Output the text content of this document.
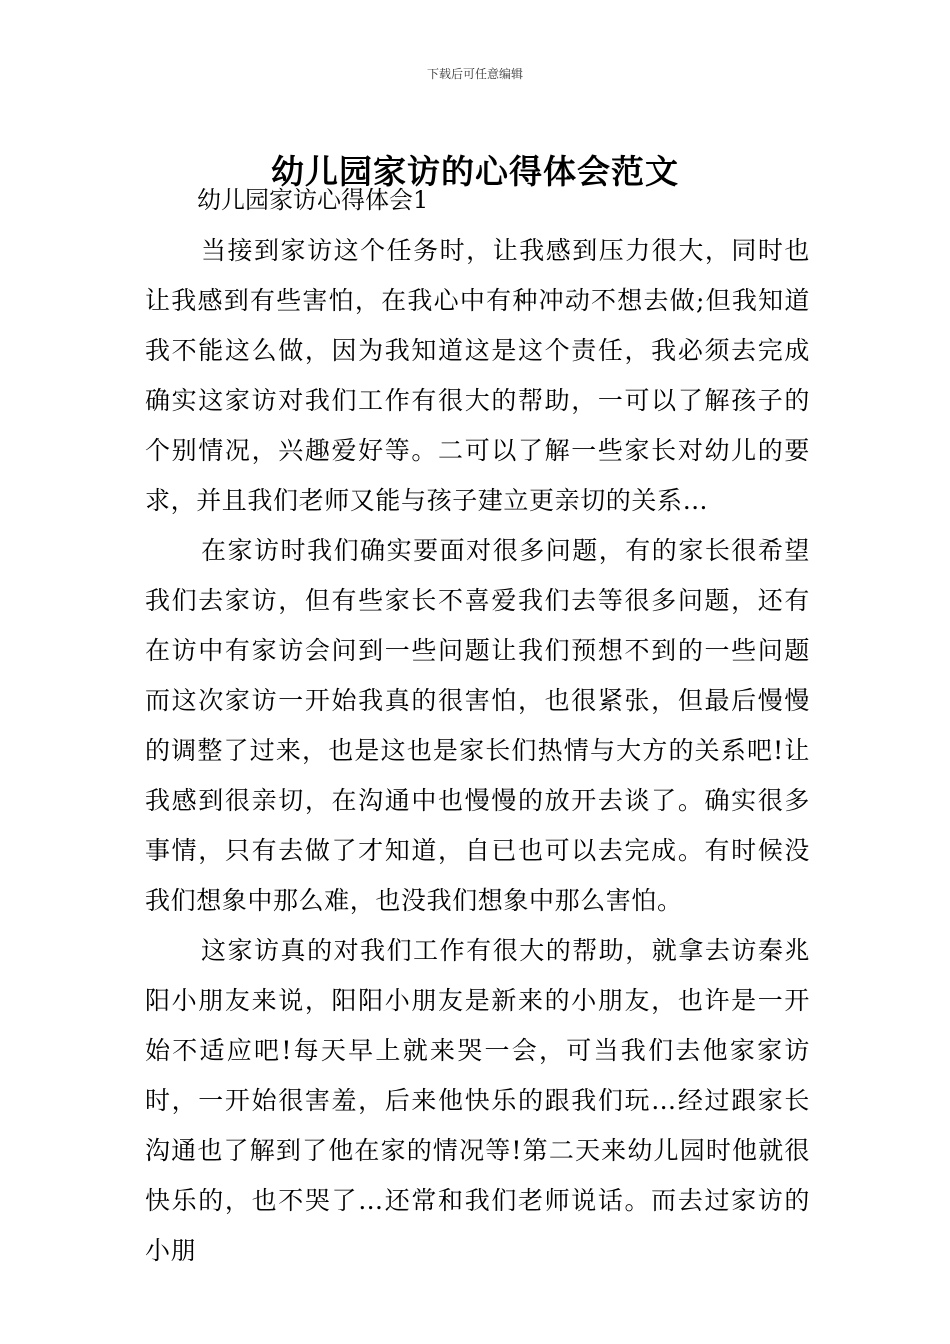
下载后可任意编辑
幼儿园家访的心得体会范文
幼儿园家访心得体会1

当接到家访这个任务时，让我感到压力很大，同时也让我感到有些害怕，在我心中有种冲动不想去做;但我知道我不能这么做，因为我知道这是这个责任，我必须去完成确实这家访对我们工作有很大的帮助，一可以了解孩子的个别情况，兴趣爱好等。二可以了解一些家长对幼儿的要求，并且我们老师又能与孩子建立更亲切的关系…

在家访时我们确实要面对很多问题，有的家长很希望我们去家访，但有些家长不喜爱我们去等很多问题，还有在访中有家访会问到一些问题让我们预想不到的一些问题而这次家访一开始我真的很害怕，也很紧张，但最后慢慢的调整了过来，也是这也是家长们热情与大方的关系吧!让我感到很亲切，在沟通中也慢慢的放开去谈了。确实很多事情，只有去做了才知道，自已也可以去完成。有时候没我们想象中那么难，也没我们想象中那么害怕。

这家访真的对我们工作有很大的帮助，就拿去访秦兆阳小朋友来说，阳阳小朋友是新来的小朋友，也许是一开始不适应吧!每天早上就来哭一会，可当我们去他家家访时，一开始很害羞，后来他快乐的跟我们玩…经过跟家长沟通也了解到了他在家的情况等!第二天来幼儿园时他就很快乐的，也不哭了…还常和我们老师说话。而去过家访的小朋
